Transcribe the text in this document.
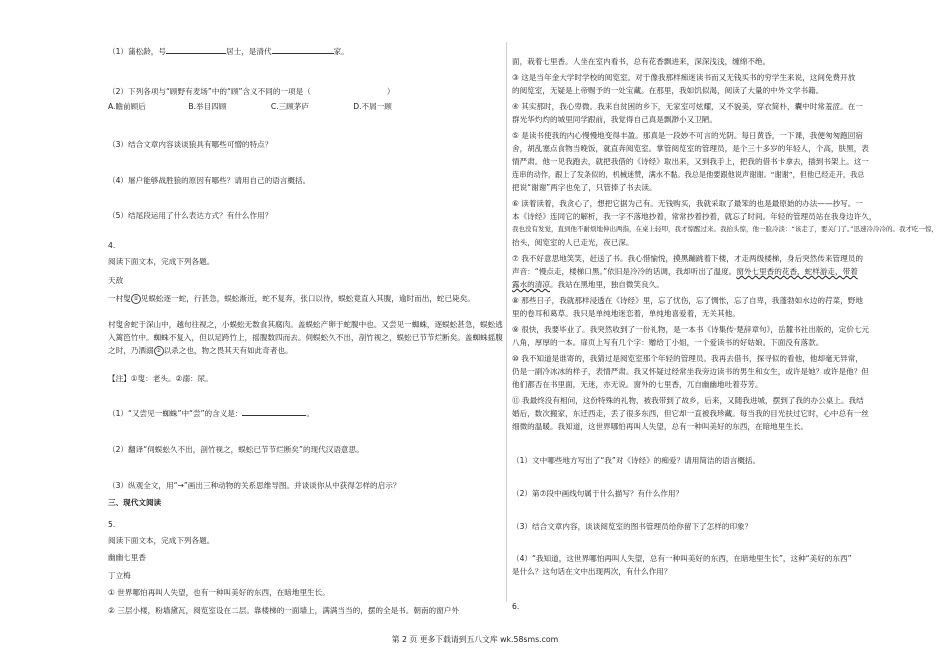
（1）蒲松龄，号	居士，是清代	家。
（2）下列各项与“顾野有麦场”中的“顾”含义不同的一项是（	）
A.瞻前顾后	B.举目四顾	C.三顾茅庐	D.不屑一顾
（3）结合文章内容谈谈狼具有哪些可憎的特点？
（4）屠户能够战胜狼的原因有哪些？请用自己的语言概括。
（5）结尾段运用了什么表达方式？有什么作用？
4.
阅读下面文本，完成下列各题。
天敌
一村叟 ① 见蜈蚣逐一蛇，行甚急，蜈蚣渐近，蛇不复奔，张口以待，蜈蚣竟直入其腹，逾时而出，蛇已毙矣。
村叟舍蛇于深山中，越旬往视之，小蜈蚣无数食其腐肉。盖蜈蚣产卵于蛇腹中也。又尝见一蜘蛛，逐蜈蚣甚急，蜈蚣逃入篱笆竹中。蜘蛛不复入，但以足跨竹上，摇腹数四而去。伺蜈蚣久不出，剖竹视之，蜈蚣已节节烂断矣。盖蜘蛛摇腹之时，乃洒溺 ② 以杀之也，物之畏其天有如此奇者也。
【注】①叟：老头。②溺：尿。
（1）“又尝见一蜘蛛”中“尝”的含义是：	。
（2）翻译“伺蜈蚣久不出，剖竹视之，蜈蚣已节节烂断矣”的现代汉语意思。
（3）纵观全文，用“→”画出三种动物的关系思维导图。并谈谈你从中获得怎样的启示？
三、现代文阅读
5.
阅读下面文本，完成下列各题。
幽幽七里香
丁立梅
① 世界哪怕再叫人失望，也有一种叫美好的东西，在暗地里生长。
② 三层小楼，粉墙黛瓦，阅览室设在二层。靠楼梯的一面墙上，满满当当的，摆的全是书。朝南的窗户外
面，栽着七里香。人坐在室内看书，总有花香飘进来，深深浅浅，缠绵不绝。
③ 这是当年金大学时学校的阅览室。对于像我那样痴迷读书而又无钱买书的穷学生来说，这间免费开放
的阅览室，无疑是上帝赐予的一处宝藏。在那里，我如饥似渴，阅读了大量的中外文学书籍。
④ 其实那时，我心卑微。我来自贫困的乡下，无家室可炫耀，又不貌美，穿衣简朴，囊中时常羞涩。在一
群光华灼灼的城里同学跟前，我觉得自己真是飘渺小又卫陋。
⑤ 是读书使我的内心慢慢地变得丰盈。那真是一段妙不可言的光阴。每日黄昏，一下课，我便匆匆跑回宿
舍，胡乱塞点食物当晚饭，就直奔阅览室。掌管阅览室的管理员，是个三十多岁的年轻人，个高，肤黑，表
情严肃。他一见我跑去，就把我借的《诗经》取出来，又到我手上，把我的借书卡拿去，插到书架上。这一
连串的动作，跟上了发条似的，机械迷赞，满水不黏。我总是他要跟他说声谢谢。“谢谢”，但他已经走开，我总
把说“谢谢”两字也免了，只管捧了书去读。
⑥ 读着读着，我贪心了，想把它据为己有。无钱购买，我就采取了最笨的也是最原始的办法——抄写。一
本《诗经》连同它的解析，我一字不落地抄着，常常抄着抄着，就忘了时间。年轻的管理员站在我身边许久，
我也没有发觉，直到他不耐烦地伸出两指，在桌上轻叩，我才惊醒过来。我抬头惊，他一脸冷淡：“该走了，要关门了。”迅速冷冷冷的。我才吃一惊，
抬头，阅览室的人已走光，夜已深。
⑦ 我不好意思地笑笑，赶送了书。我心惜愉悦，摸黑蹦跳着下楼，才走两级楼梯，身后突然传来管理员的
声音：“慢点走，楼梯口黑。”依旧是冷冷的话调，我却听出了温度。窗外七里香的花香，蛇样游走，带着
露水的清凉。我站在黑地里，独自微笑良久。
⑧ 那些日子，我就那样浸透在《诗经》里，忘了忧伤，忘了惆怅，忘了自卑，我蓬勃如水边的荇菜，野地
里的卷耳和葛草。我只是单纯地迷恋着，单纯地喜爱着，无关其他。
⑨ 很快，我要毕业了。我突然收到了一份礼物，是一本书《诗集传·楚辞章句》，岳麓书社出版的，定价七元
八角，厚厚的一本。扉页上写有几个字：赠给丁小姐，一个爱读书的好姑娘。下面没有落款。
⑩ 我不知道是谁寄的，我猜过是阅览室那个年轻的管理员。我再去借书，探寻似的看他，他却毫无异常，
仍是一副冷冰冰的样子，表情严肃。我又怀疑过经常坐我旁边读书的男生和女生，或许是她？或许是他？但
他们都否在书里面，无迷，亦无说。窗外的七里香，兀自幽幽地吐着芬芳。
⑪ 我最终没有相问，这份特殊的礼物，被我带到了故乡，后来，又随我进城，摆到了我的办公桌上。我结
婚后，数次搬家，东迁西走，丢了很多东西，但它却一直被我珍藏。每当我的目光扶过它时，心中总有一丝
细微的温暖。我知道，这世界哪怕再叫人失望，总有一种叫美好的东西，在暗地里生长。
（1）文中哪些地方写出了“我”对《诗经》的痴爱？请用简洁的语言概括。
（2）第⑦段中画线句属于什么描写？有什么作用？
（3）结合文章内容，谈谈阅览室的图书管理员给你留下了怎样的印象？
（4）“我知道，这世界哪怕再叫人失望，总有一种叫美好的东西，在暗地里生长”，这种“美好的东西”
是什么？这句话在文中出现两次，有什么作用？
6.
第 2 页 更多下载请到五八文库 wk.58sms.com
